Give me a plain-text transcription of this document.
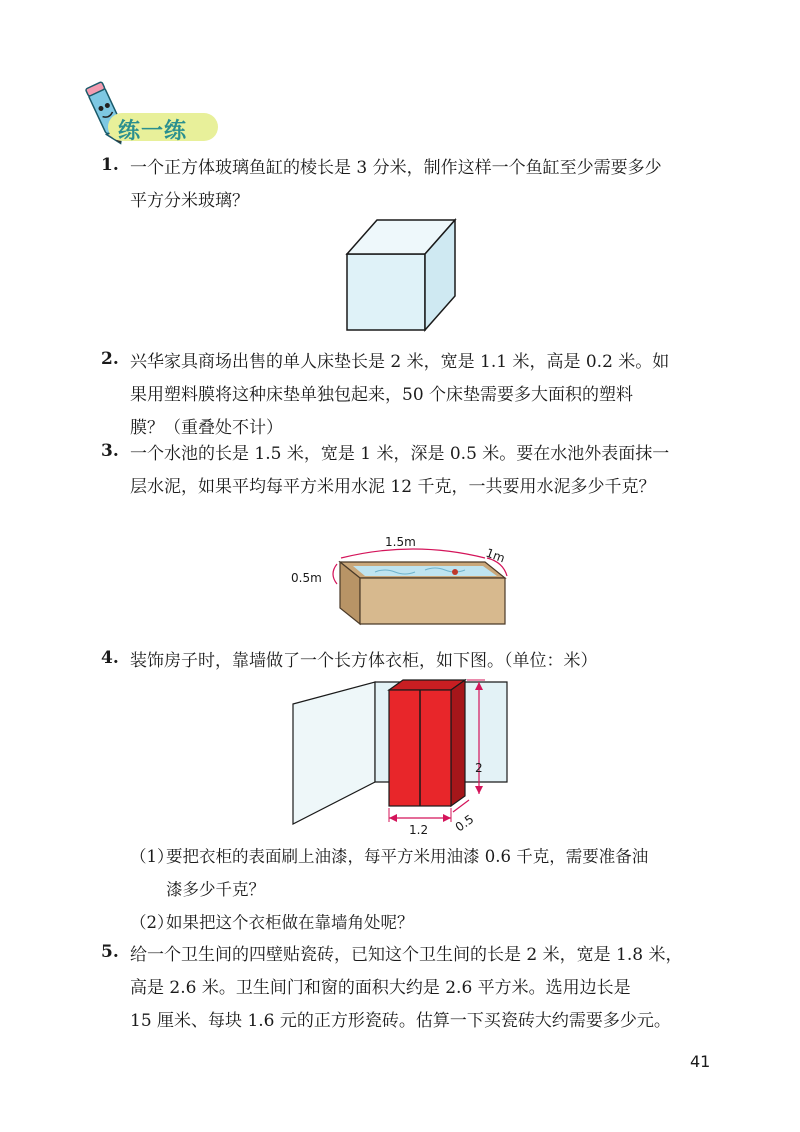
练一练
1. 一个正方体玻璃鱼缸的棱长是 3 分米，制作这样一个鱼缸至少需要多少
平方分米玻璃？
2. 兴华家具商场出售的单人床垫长是 2 米，宽是 1.1 米，高是 0.2 米。如
果用塑料膜将这种床垫单独包起来，50 个床垫需要多大面积的塑料
膜？（重叠处不计）
3. 一个水池的长是 1.5 米，宽是 1 米，深是 0.5 米。要在水池外表面抹一
层水泥，如果平均每平方米用水泥 12 千克，一共要用水泥多少千克？
1.5m
1m
0.5m
4. 装饰房子时，靠墙做了一个长方体衣柜，如下图。（单位：米）
2
1.2 0.5
（1）
要把衣柜的表面刷上油漆，每平方米用油漆 0.6 千克，需要准备油
漆多少千克？
（2）
如果把这个衣柜做在靠墙角处呢？
5. 给一个卫生间的四壁贴瓷砖，已知这个卫生间的长是 2 米，宽是 1.8 米，
高是 2.6 米。卫生间门和窗的面积大约是 2.6 平方米。选用边长是
15 厘米、每块 1.6 元的正方形瓷砖。估算一下买瓷砖大约需要多少元。
41
